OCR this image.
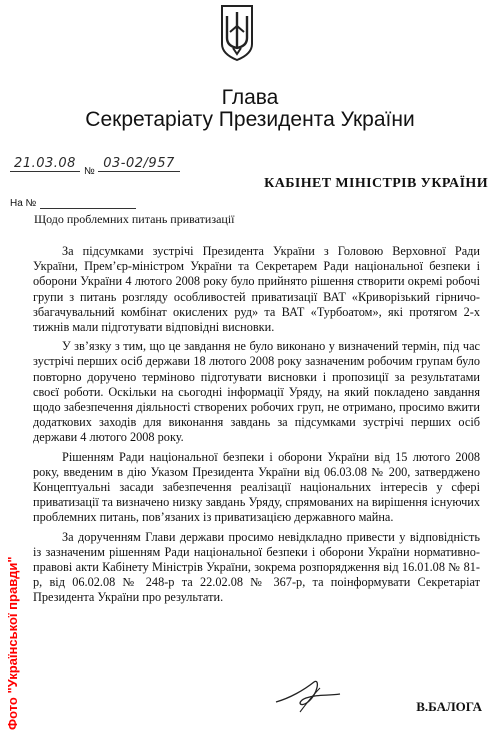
Глава
Секретаріату Президента України
21.03.08
№
03-02/957
КАБІНЕТ МІНІСТРІВ УКРАЇНИ
На №
Щодо проблемних питань приватизації

За підсумками зустрічі Президента України з Головою Верховної Ради України, Прем’єр-міністром України та Секретарем Ради національної безпеки і оборони України 4 лютого 2008 року було прийнято рішення створити окремі робочі групи з питань розгляду особливостей приватизації ВАТ «Криворізький гірничо-збагачувальний комбінат окислених руд» та ВАТ «Турбоатом», які протягом 2-х тижнів мали підготувати відповідні висновки.

У зв’язку з тим, що це завдання не було виконано у визначений термін, під час зустрічі перших осіб держави 18 лютого 2008 року зазначеним робочим групам було повторно доручено терміново підготувати висновки і пропозиції за результатами своєї роботи. Оскільки на сьогодні інформації Уряду, на який покладено завдання щодо забезпечення діяльності створених робочих груп, не отримано, просимо вжити додаткових заходів для виконання завдань за підсумками зустрічі перших осіб держави 4 лютого 2008 року.

Рішенням Ради національної безпеки і оборони України від 15 лютого 2008 року, введеним в дію Указом Президента України від 06.03.08 № 200, затверджено Концептуальні засади забезпечення реалізації національних інтересів у сфері приватизації та визначено низку завдань Уряду, спрямованих на вирішення існуючих проблемних питань, пов’язаних із приватизацією державного майна.

За дорученням Глави держави просимо невідкладно привести у відповідність із зазначеним рішенням Ради національної безпеки і оборони України нормативно-правові акти Кабінету Міністрів України, зокрема розпорядження від 16.01.08 № 81-р, від 06.02.08 № 248-р та 22.02.08 № 367-р, та поінформувати Секретаріат Президента України про результати.

В.БАЛОГА
Фото "Української правди"
